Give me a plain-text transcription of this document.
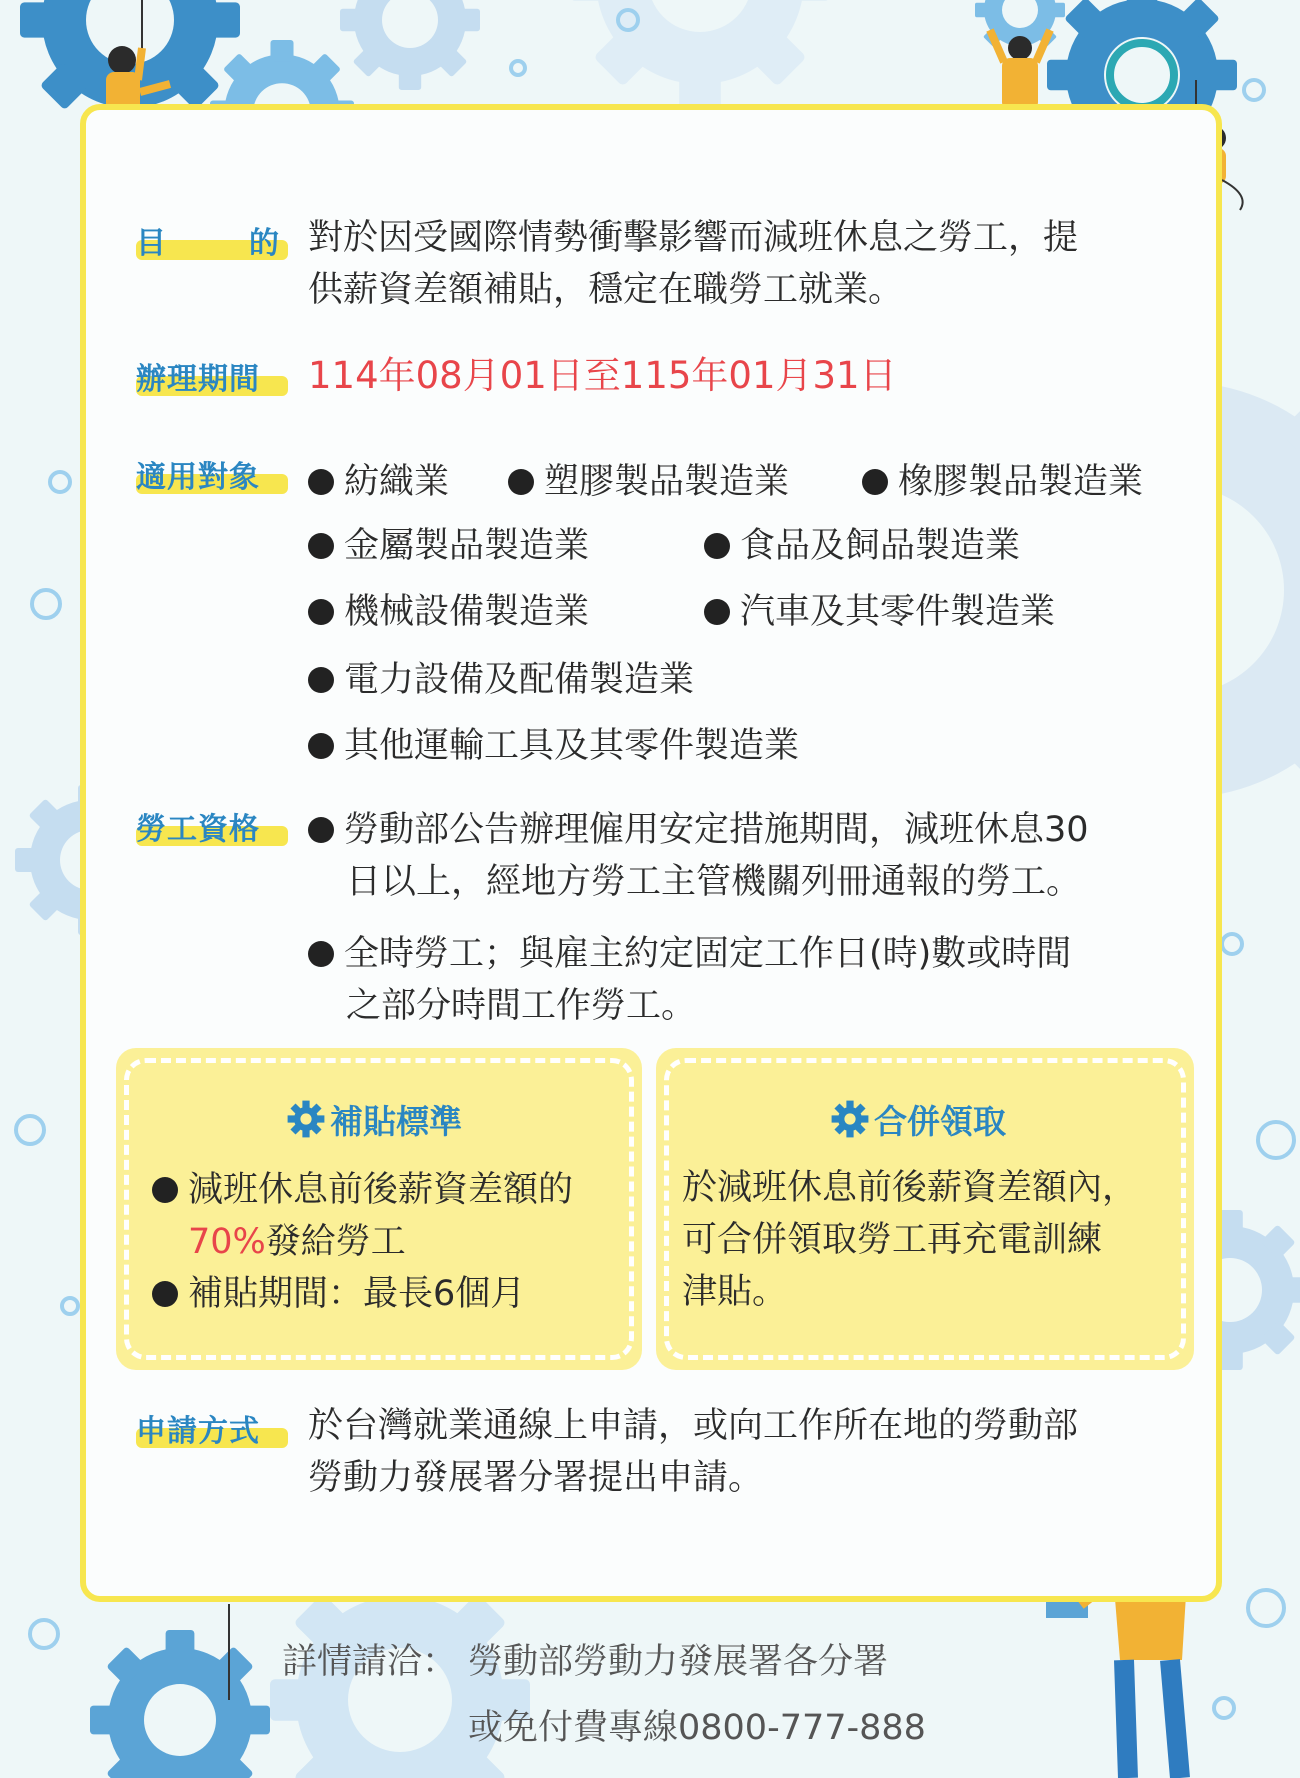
目	的 對於因受國際情勢衝擊影響而減班休息之勞工，提
供薪資差額補貼，穩定在職勞工就業。
辦理期間	114年08月01日至115年01月31日
適用對象	紡織業	塑膠製品製造業	橡膠製品製造業
金屬製品製造業	食品及飼品製造業
機械設備製造業	汽車及其零件製造業
電力設備及配備製造業
其他運輸工具及其零件製造業
勞工資格	勞動部公告辦理僱用安定措施期間，減班休息30
日以上，經地方勞工主管機關列冊通報的勞工。
全時勞工；與雇主約定固定工作日(時)數或時間
之部分時間工作勞工。
補貼標準
減班休息前後薪資差額的
70%發給勞工
補貼期間：最長6個月
合併領取
於減班休息前後薪資差額內，
可合併領取勞工再充電訓練
津貼。
申請方式	於台灣就業通線上申請，或向工作所在地的勞動部
勞動力發展署分署提出申請。
詳情請洽： 勞動部勞動力發展署各分署
或免付費專線0800-777-888
